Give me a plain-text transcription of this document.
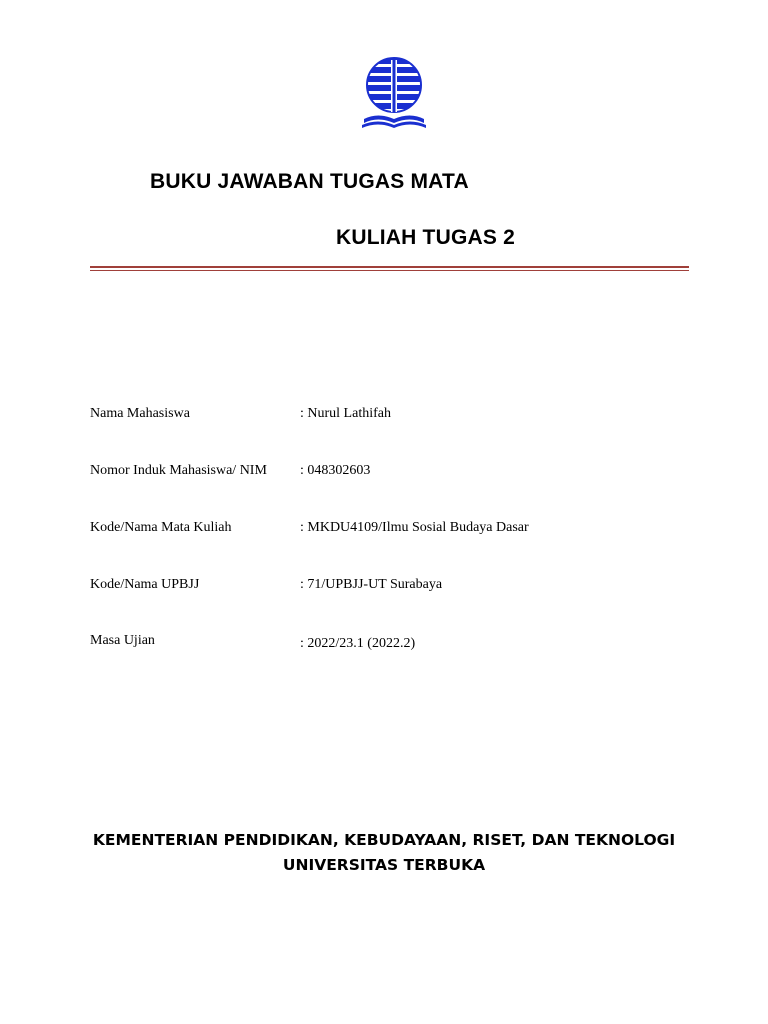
BUKU JAWABAN TUGAS MATA
KULIAH TUGAS 2
Nama Mahasiswa	: Nurul Lathifah
Nomor Induk Mahasiswa/ NIM : 048302603
Kode/Nama Mata Kuliah	: MKDU4109/Ilmu Sosial Budaya Dasar
Kode/Nama UPBJJ	: 71/UPBJJ-UT Surabaya
Masa Ujian	: 2022/23.1 (2022.2)
KEMENTERIAN PENDIDIKAN, KEBUDAYAAN, RISET, DAN TEKNOLOGI
UNIVERSITAS TERBUKA
